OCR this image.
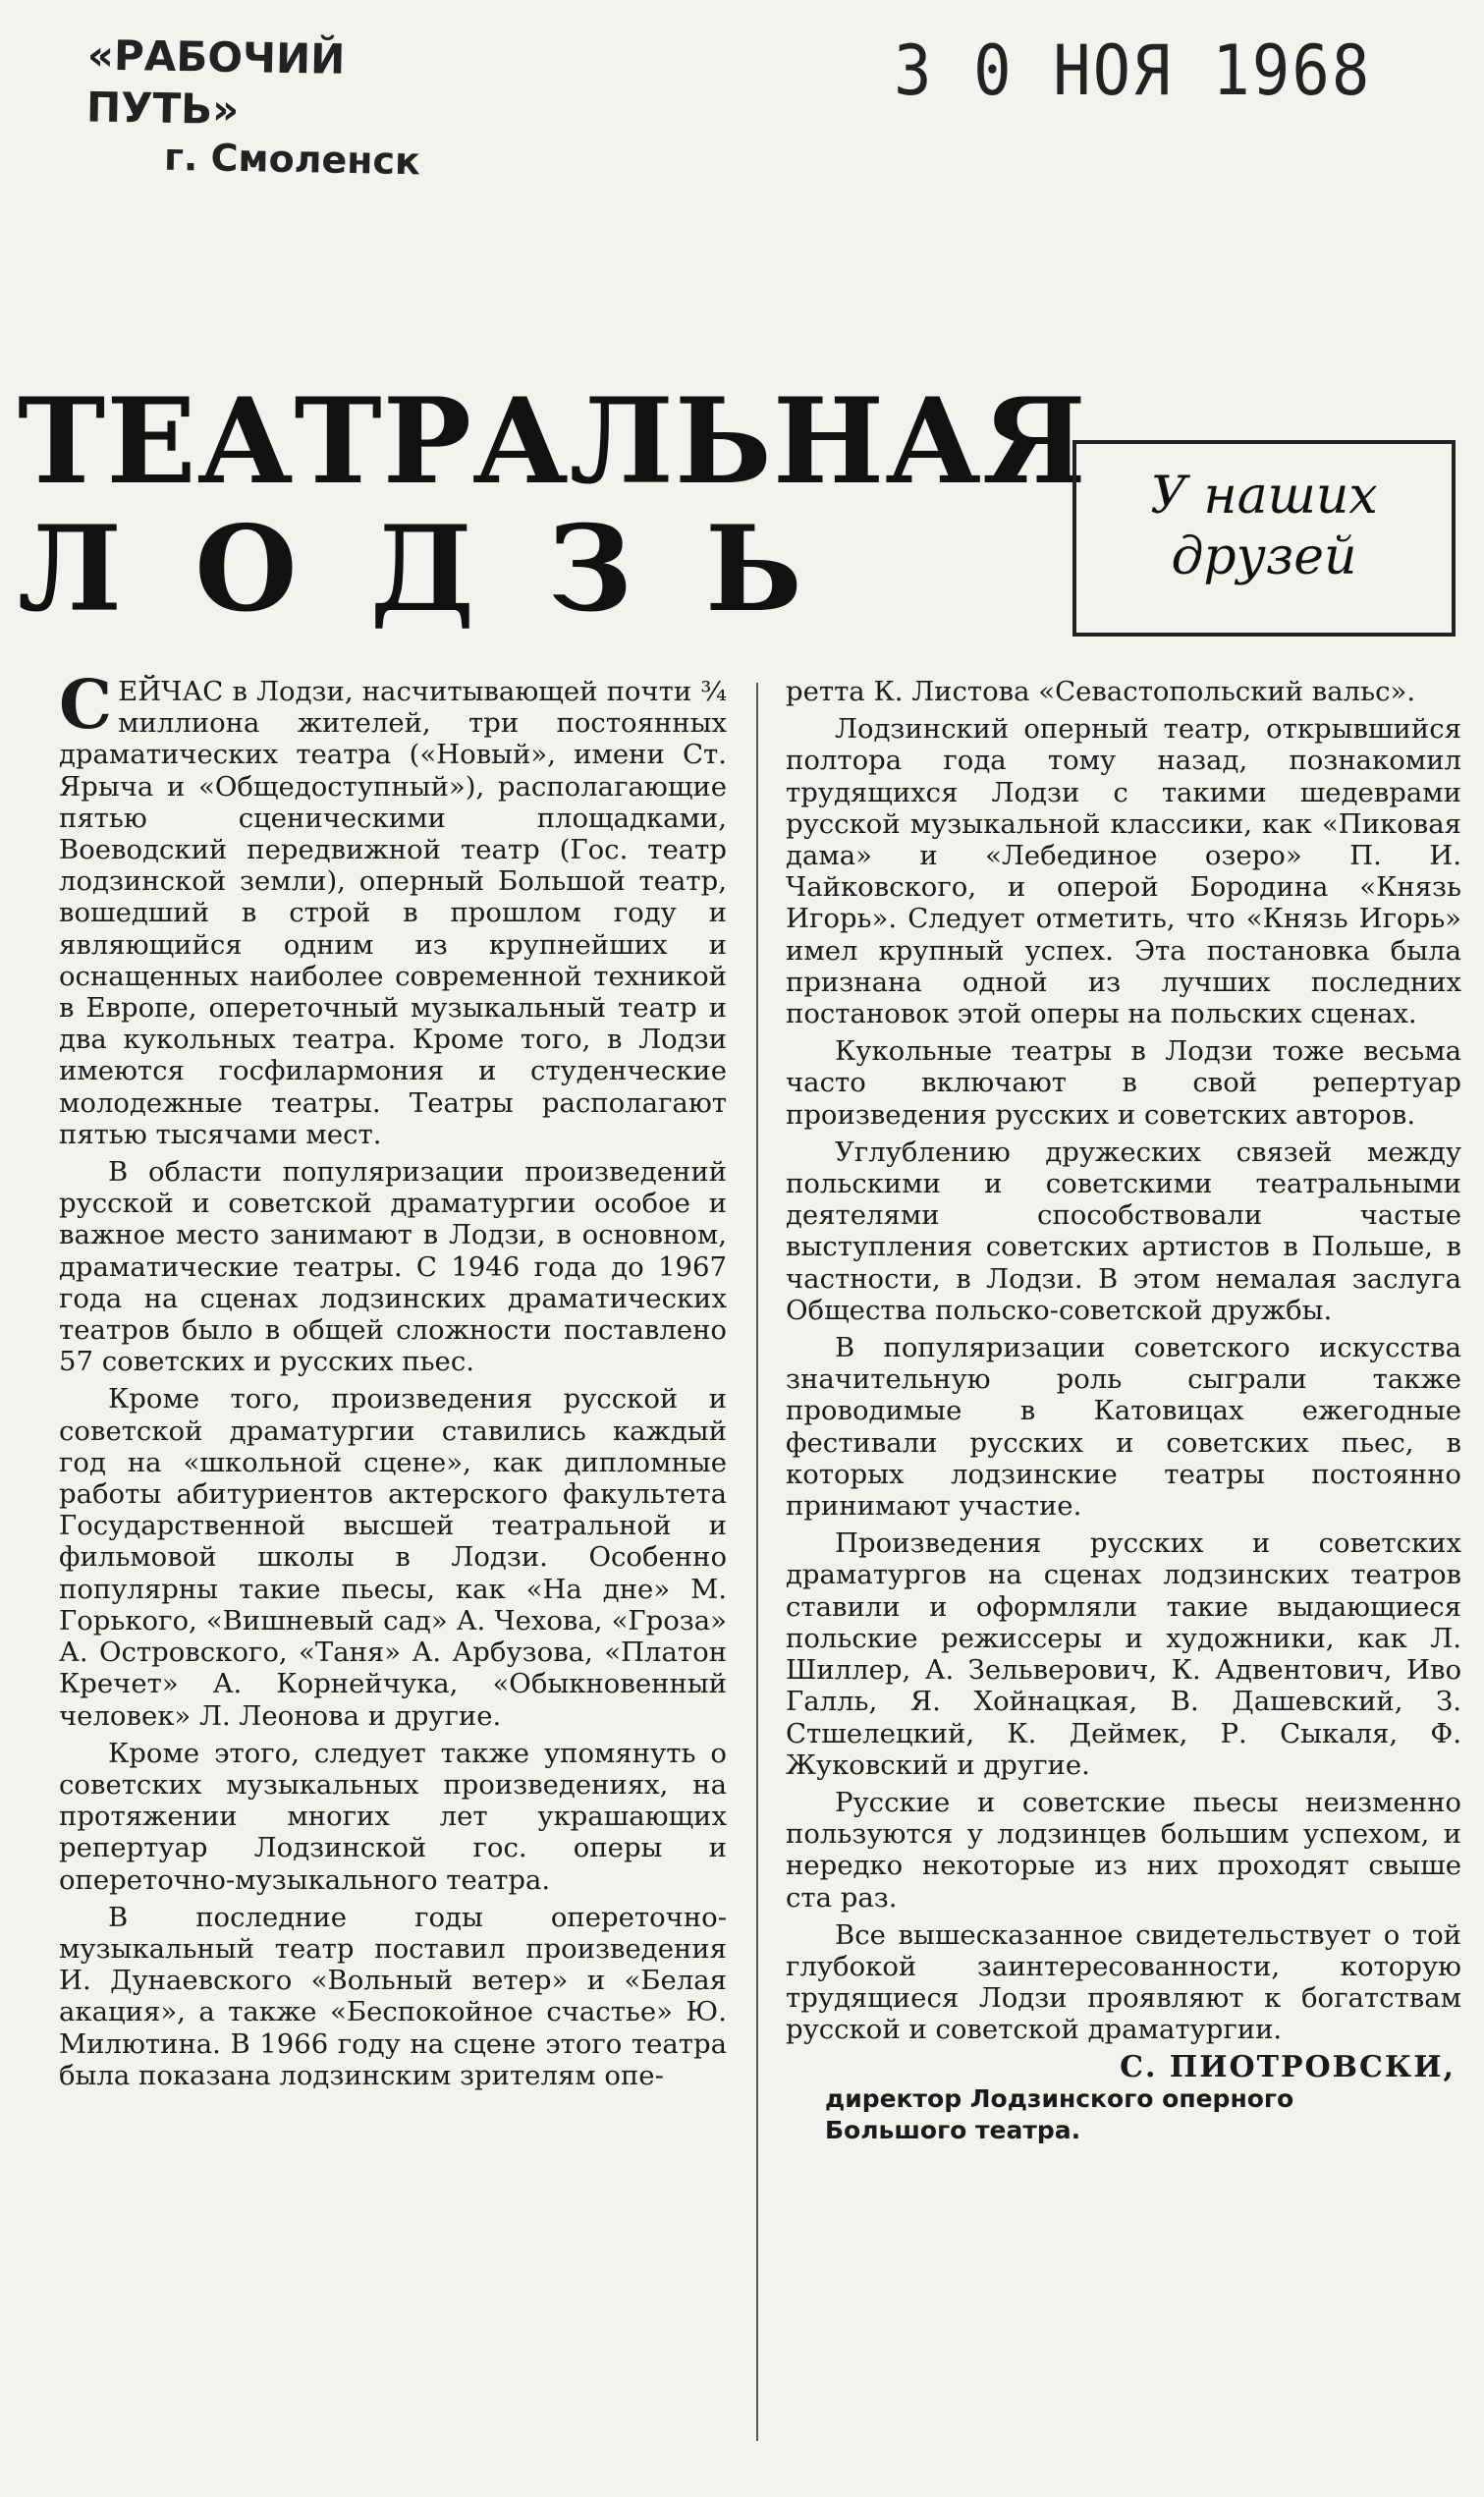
«РАБОЧИЙ ПУТЬ»
г. Смоленск
3 0 НОЯ 1968
ТЕАТРАЛЬНАЯ
ЛОДЗЬ
У наших
друзей

СЕЙЧАС в Лодзи, насчитывающей почти ¾ миллиона жителей, три постоянных драматических театра («Новый», имени Ст. Ярыча и «Общедоступный»), располагающие пятью сценическими площадками, Воеводский передвижной театр (Гос. театр лодзинской земли), оперный Большой театр, вошедший в строй в прошлом году и являющийся одним из крупнейших и оснащенных наиболее современной техникой в Европе, опереточный музыкальный театр и два кукольных театра. Кроме того, в Лодзи имеются госфилармония и студенческие молодежные театры. Театры располагают пятью тысячами мест.

В области популяризации произведений русской и советской драматургии особое и важное место занимают в Лодзи, в основном, драматические театры. С 1946 года до 1967 года на сценах лодзинских драматических театров было в общей сложности поставлено 57 советских и русских пьес.

Кроме того, произведения русской и советской драматургии ставились каждый год на «школьной сцене», как дипломные работы абитуриентов актерского факультета Государственной высшей театральной и фильмовой школы в Лодзи. Особенно популярны такие пьесы, как «На дне» М. Горького, «Вишневый сад» А. Чехова, «Гроза» А. Островского, «Таня» А. Арбузова, «Платон Кречет» А. Корнейчука, «Обыкновенный человек» Л. Леонова и другие.

Кроме этого, следует также упомянуть о советских музыкальных произведениях, на протяжении многих лет украшающих репертуар Лодзинской гос. оперы и опереточно-музыкального театра.

В последние годы опереточно-музыкальный театр поставил произведения И. Дунаевского «Вольный ветер» и «Белая акация», а также «Беспокойное счастье» Ю. Милютина. В 1966 году на сцене этого театра была показана лодзинским зрителям опе-

ретта К. Листова «Севастопольский вальс».

Лодзинский оперный театр, открывшийся полтора года тому назад, познакомил трудящихся Лодзи с такими шедеврами русской музыкальной классики, как «Пиковая дама» и «Лебединое озеро» П. И. Чайковского, и оперой Бородина «Князь Игорь». Следует отметить, что «Князь Игорь» имел крупный успех. Эта постановка была признана одной из лучших последних постановок этой оперы на польских сценах.

Кукольные театры в Лодзи тоже весьма часто включают в свой репертуар произведения русских и советских авторов.

Углублению дружеских связей между польскими и советскими театральными деятелями способствовали частые выступления советских артистов в Польше, в частности, в Лодзи. В этом немалая заслуга Общества польско-советской дружбы.

В популяризации советского искусства значительную роль сыграли также проводимые в Катовицах ежегодные фестивали русских и советских пьес, в которых лодзинские театры постоянно принимают участие.

Произведения русских и советских драматургов на сценах лодзинских театров ставили и оформляли такие выдающиеся польские режиссеры и художники, как Л. Шиллер, А. Зельверович, К. Адвентович, Иво Галль, Я. Хойнацкая, В. Дашевский, З. Стшелецкий, К. Деймек, Р. Сыкаля, Ф. Жуковский и другие.

Русские и советские пьесы неизменно пользуются у лодзинцев большим успехом, и нередко некоторые из них проходят свыше ста раз.

Все вышесказанное свидетельствует о той глубокой заинтересованности, которую трудящиеся Лодзи проявляют к богатствам русской и советской драматургии.

С. ПИОТРОВСКИ,
директор Лодзинского оперного
Большого театра.
